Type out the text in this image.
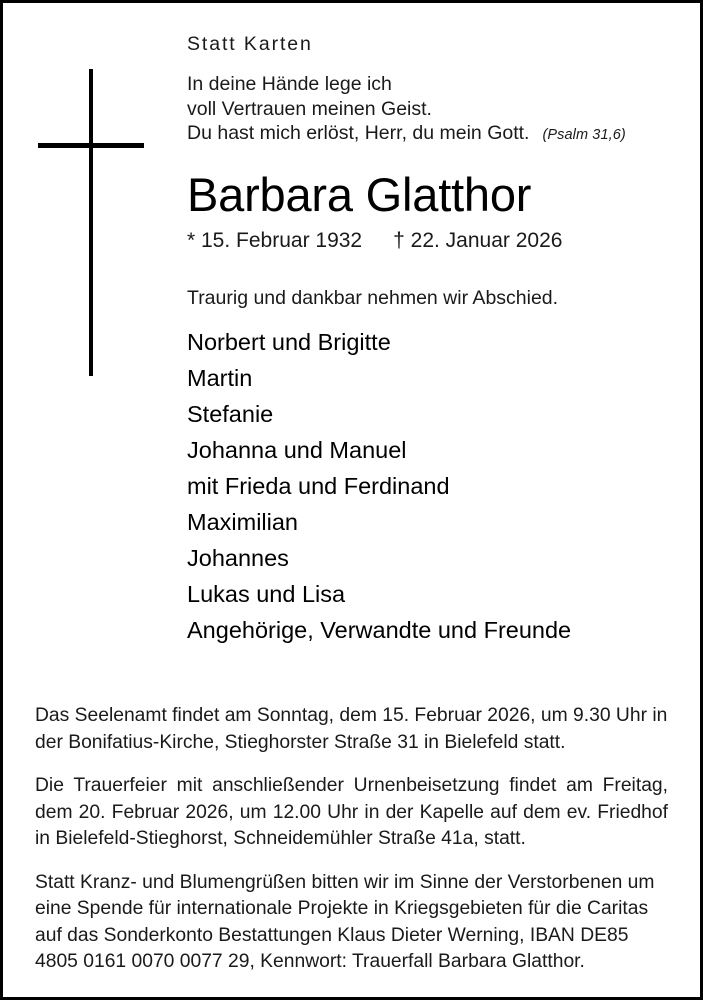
Statt Karten
In deine Hände lege ich
voll Vertrauen meinen Geist.
Du hast mich erlöst, Herr, du mein Gott. (Psalm 31,6)
Barbara Glatthor
* 15. Februar 1932 † 22. Januar 2026
Traurig und dankbar nehmen wir Abschied.
Norbert und Brigitte
Martin
Stefanie
Johanna und Manuel
mit Frieda und Ferdinand
Maximilian
Johannes
Lukas und Lisa
Angehörige, Verwandte und Freunde

Das Seelenamt findet am Sonntag, dem 15. Februar 2026, um 9.30 Uhr in der Bonifatius-Kirche, Stieghorster Straße 31 in Bielefeld statt.

Die Trauerfeier mit anschließender Urnenbeisetzung findet am Freitag, dem 20. Februar 2026, um 12.00 Uhr in der Kapelle auf dem ev. Friedhof in Bielefeld-Stieghorst, Schneidemühler Straße 41a, statt.

Statt Kranz- und Blumengrüßen bitten wir im Sinne der Verstorbenen um eine Spende für internationale Projekte in Kriegsgebieten für die Caritas auf das Sonderkonto Bestattungen Klaus Dieter Werning, IBAN DE85 4805 0161 0070 0077 29, Kennwort: Trauerfall Barbara Glatthor.
